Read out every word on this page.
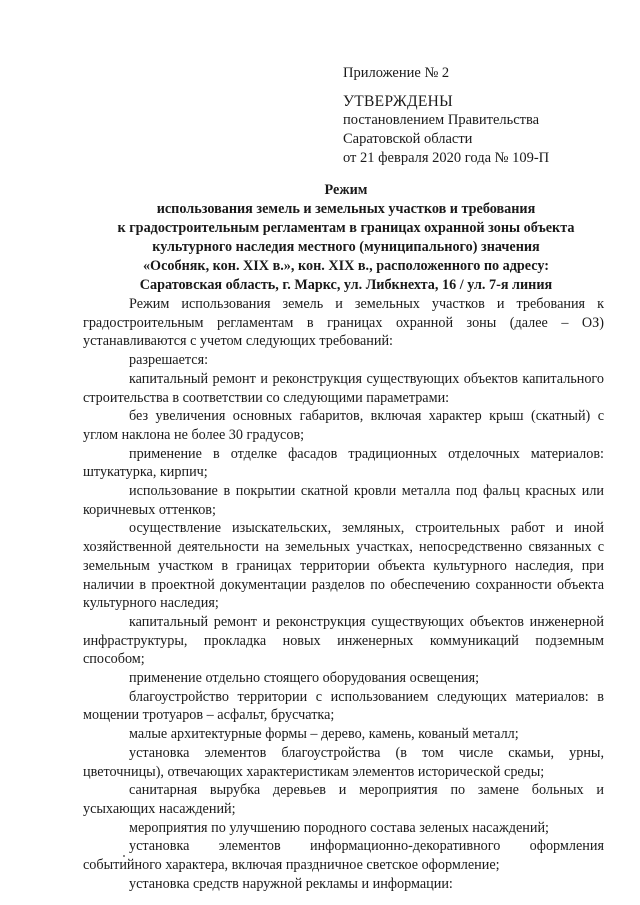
Приложение № 2
УТВЕРЖДЕНЫ
постановлением Правительства
Саратовской области
от 21 февраля 2020 года № 109-П
Режим
использования земель и земельных участков и требования
к градостроительным регламентам в границах охранной зоны объекта
культурного наследия местного (муниципального) значения
«Особняк, кон. XIX в.», кон. XIX в., расположенного по адресу:
Саратовская область, г. Маркс, ул. Либкнехта, 16 / ул. 7-я линия

Режим использования земель и земельных участков и требования к градостроительным регламентам в границах охранной зоны (далее – ОЗ) устанавливаются с учетом следующих требований:

разрешается:

капитальный ремонт и реконструкция существующих объектов капитального строительства в соответствии со следующими параметрами:

без увеличения основных габаритов, включая характер крыш (скатный) с углом наклона не более 30 градусов;

применение в отделке фасадов традиционных отделочных материалов: штукатурка, кирпич;

использование в покрытии скатной кровли металла под фальц красных или коричневых оттенков;

осуществление изыскательских, земляных, строительных работ и иной хозяйственной деятельности на земельных участках, непосредственно связанных с земельным участком в границах территории объекта культурного наследия, при наличии в проектной документации разделов по обеспечению сохранности объекта культурного наследия;

капитальный ремонт и реконструкция существующих объектов инженерной инфраструктуры, прокладка новых инженерных коммуникаций подземным способом;

применение отдельно стоящего оборудования освещения;

благоустройство территории с использованием следующих материалов: в мощении тротуаров – асфальт, брусчатка;

малые архитектурные формы – дерево, камень, кованый металл;

установка элементов благоустройства (в том числе скамьи, урны, цветочницы), отвечающих характеристикам элементов исторической среды;

санитарная вырубка деревьев и мероприятия по замене больных и усыхающих насаждений;

мероприятия по улучшению породного состава зеленых насаждений;

установка элементов информационно-декоративного оформления событийного характера, включая праздничное светское оформление;

установка средств наружной рекламы и информации:
